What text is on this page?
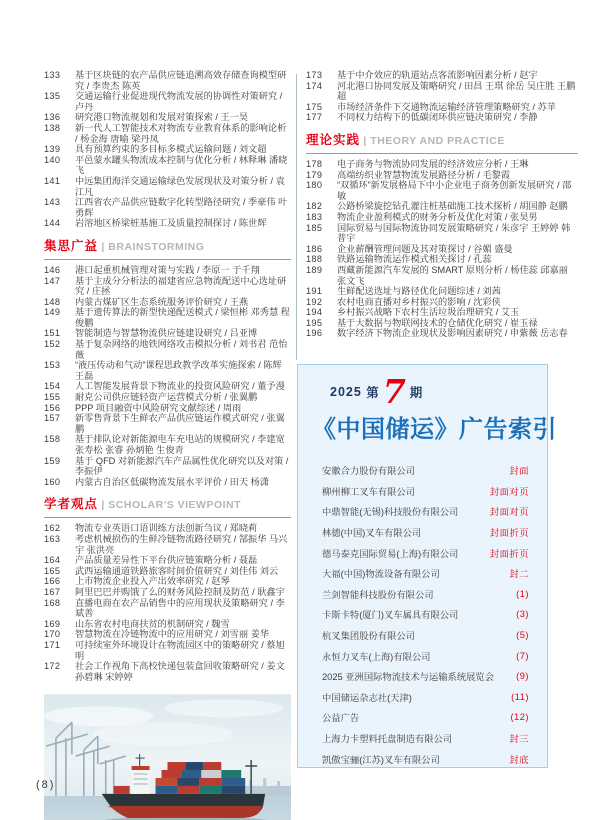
133 基于区块链的农产品供应链追溯高效存储查询模型研究 / 李贵杰 陈英
135 交通运输行业促进现代物流发展的协调性对策研究 / 卢丹
136 研究港口物流规划和发展对策探索 / 王一昊
138 新一代人工智能技术对物流专业教育体系的影响论析 / 杨金海 唐喻 梁丹凤
139 具有预算约束的多目标多模式运输问题 / 刘文超
140 平邑蒙水罐头物流成本控制与优化分析 / 林释琳 潘晓飞
141 中远集团海洋交通运输绿色发展现状及对策分析 / 袁江凡
143 江西省农产品供应链数字化转型路径研究 / 季豪伟 叶勇辉
144 岩溶地区桥梁桩基施工及质量控制探讨 / 陈世辉
集思广益 | BRAINSTORMING
146 港口起重机械管理对策与实践 / 李原一 于千翔
147 基于主成分分析法的福建省应急物流配送中心选址研究 / 庄拯
148 内蒙古煤矿区生态系统服务评价研究 / 王燕
149 基于遗传算法的新型快递配送模式 / 梁恒彬 邓秀慧 程俊鹏
151 智能制造与智慧物流供应链建设研究 / 吕亚博
152 基于复杂网络的地铁网络攻击模拟分析 / 刘书君 范怡薇
153 “液压传动和气动”课程思政教学改革实施探索 / 陈辉 王磊
154 人工智能发展背景下物流业的投资风险研究 / 董予漫
155 耐克公司供应链轻资产运营模式分析 / 张翼鹏
156 PPP 项目融资中风险研究文献综述 / 周雨
157 新零售背景下生鲜农产品供应链运作模式研究 / 张翼鹏
158 基于排队论对新能源电车充电站的规模研究 / 李建宽 张寿松 张睿 孙炳艳 生俊青
159 基于 QFD 对新能源汽车产品属性优化研究以及对策 / 李振伊
160 内蒙古自治区低碳物流发展水平评价 / 田天 杨潇
学者观点 | SCHOLAR'S VIEWPOINT
162 物流专业英语口语训练方法创新刍议 / 郑晓莉
163 考虑机械损伤的生鲜冷链物流路径研究 / 郜振华 马兴宇 张洪亮
164 产品质量差异性下平台供应链策略分析 / 聂磊
165 武西运输通道铁路旅客时间价值研究 / 刘佳伟 刘云
166 上市物流企业投入产出效率研究 / 赵琴
167 阿里巴巴并购饿了么的财务风险控制及防范 / 耿鑫宇
168 直播电商在农产品销售中的应用现状及策略研究 / 李斌善
169 山东省农村电商扶贫的机制研究 / 魏雪
170 智慧物流在冷链物流中的应用研究 / 刘雪丽 姜华
171 可持续室外环境设计在物流园区中的策略研究 / 蔡旭明
172 社会工作视角下高校快递包装盒回收策略研究 / 姜文 孙碧琳 宋婷婷
173 基于中介效应的轨道站点客流影响因素分析 / 赵宇
174 河北港口协同发展及策略研究 / 田昌 王琪 徐岳 吴庄胜 王鹏超
175 市场经济条件下交通物流运输经济管理策略研究 / 苏苹
177 不同权力结构下的低碳闭环供应链决策研究 / 李静
理论实践 | THEORY AND PRACTICE
178 电子商务与物流协同发展的经济效应分析 / 王琳
179 高端纺织业智慧物流发展路径分析 / 毛黎霞
180 “双循环”新发展格局下中小企业电子商务创新发展研究 / 邵敏
182 公路桥梁旋挖钻孔灌注桩基础施工技术探析 / 胡国静 赵鹏
183 物流企业盈利模式的财务分析及优化对策 / 张昊男
185 国际贸易与国际物流协同发展策略研究 / 朱彦宇 王婷婷 韩普宇
186 企业薪酬管理问题及其对策探讨 / 谷媚 盛曼
188 铁路运输物流运作模式相关探讨 / 孔蕊
189 西藏新能源汽车发展的 SMART 原则分析 / 杨佳蕊 邱嘉丽 张文飞
191 生鲜配送选址与路径优化问题综述 / 刘茜
192 农村电商直播对乡村振兴的影响 / 沈彩侠
194 乡村振兴战略下农村生活垃圾治理研究 / 艾玉
195 基于大数据与物联网技术的仓储优化研究 / 崔玉禄
196 数字经济下物流企业现状及影响因素研究 / 申紫薇 岳志春
2025
第 7 期
《中国储运》广告索引
安徽合力股份有限公司	封面
柳州柳工叉车有限公司	封面对页
中鼎智能(无锡)科技股份有限公司	封面对页
林德(中国)叉车有限公司	封面折页
德马泰克国际贸易(上海)有限公司	封面折页
大福(中国)物流设备有限公司	封二
兰剑智能科技股份有限公司	(1)
卡斯卡特(厦门)叉车属具有限公司	(3)
杭叉集团股份有限公司	(5)
永恒力叉车(上海)有限公司	(7)
2025 亚洲国际物流技术与运输系统展览会 (9)
中国储运杂志社(天津)	(11)
公益广告	(12)
上海力卡塑料托盘制造有限公司	封三
凯傲宝骊(江苏)叉车有限公司	封底
(8)
